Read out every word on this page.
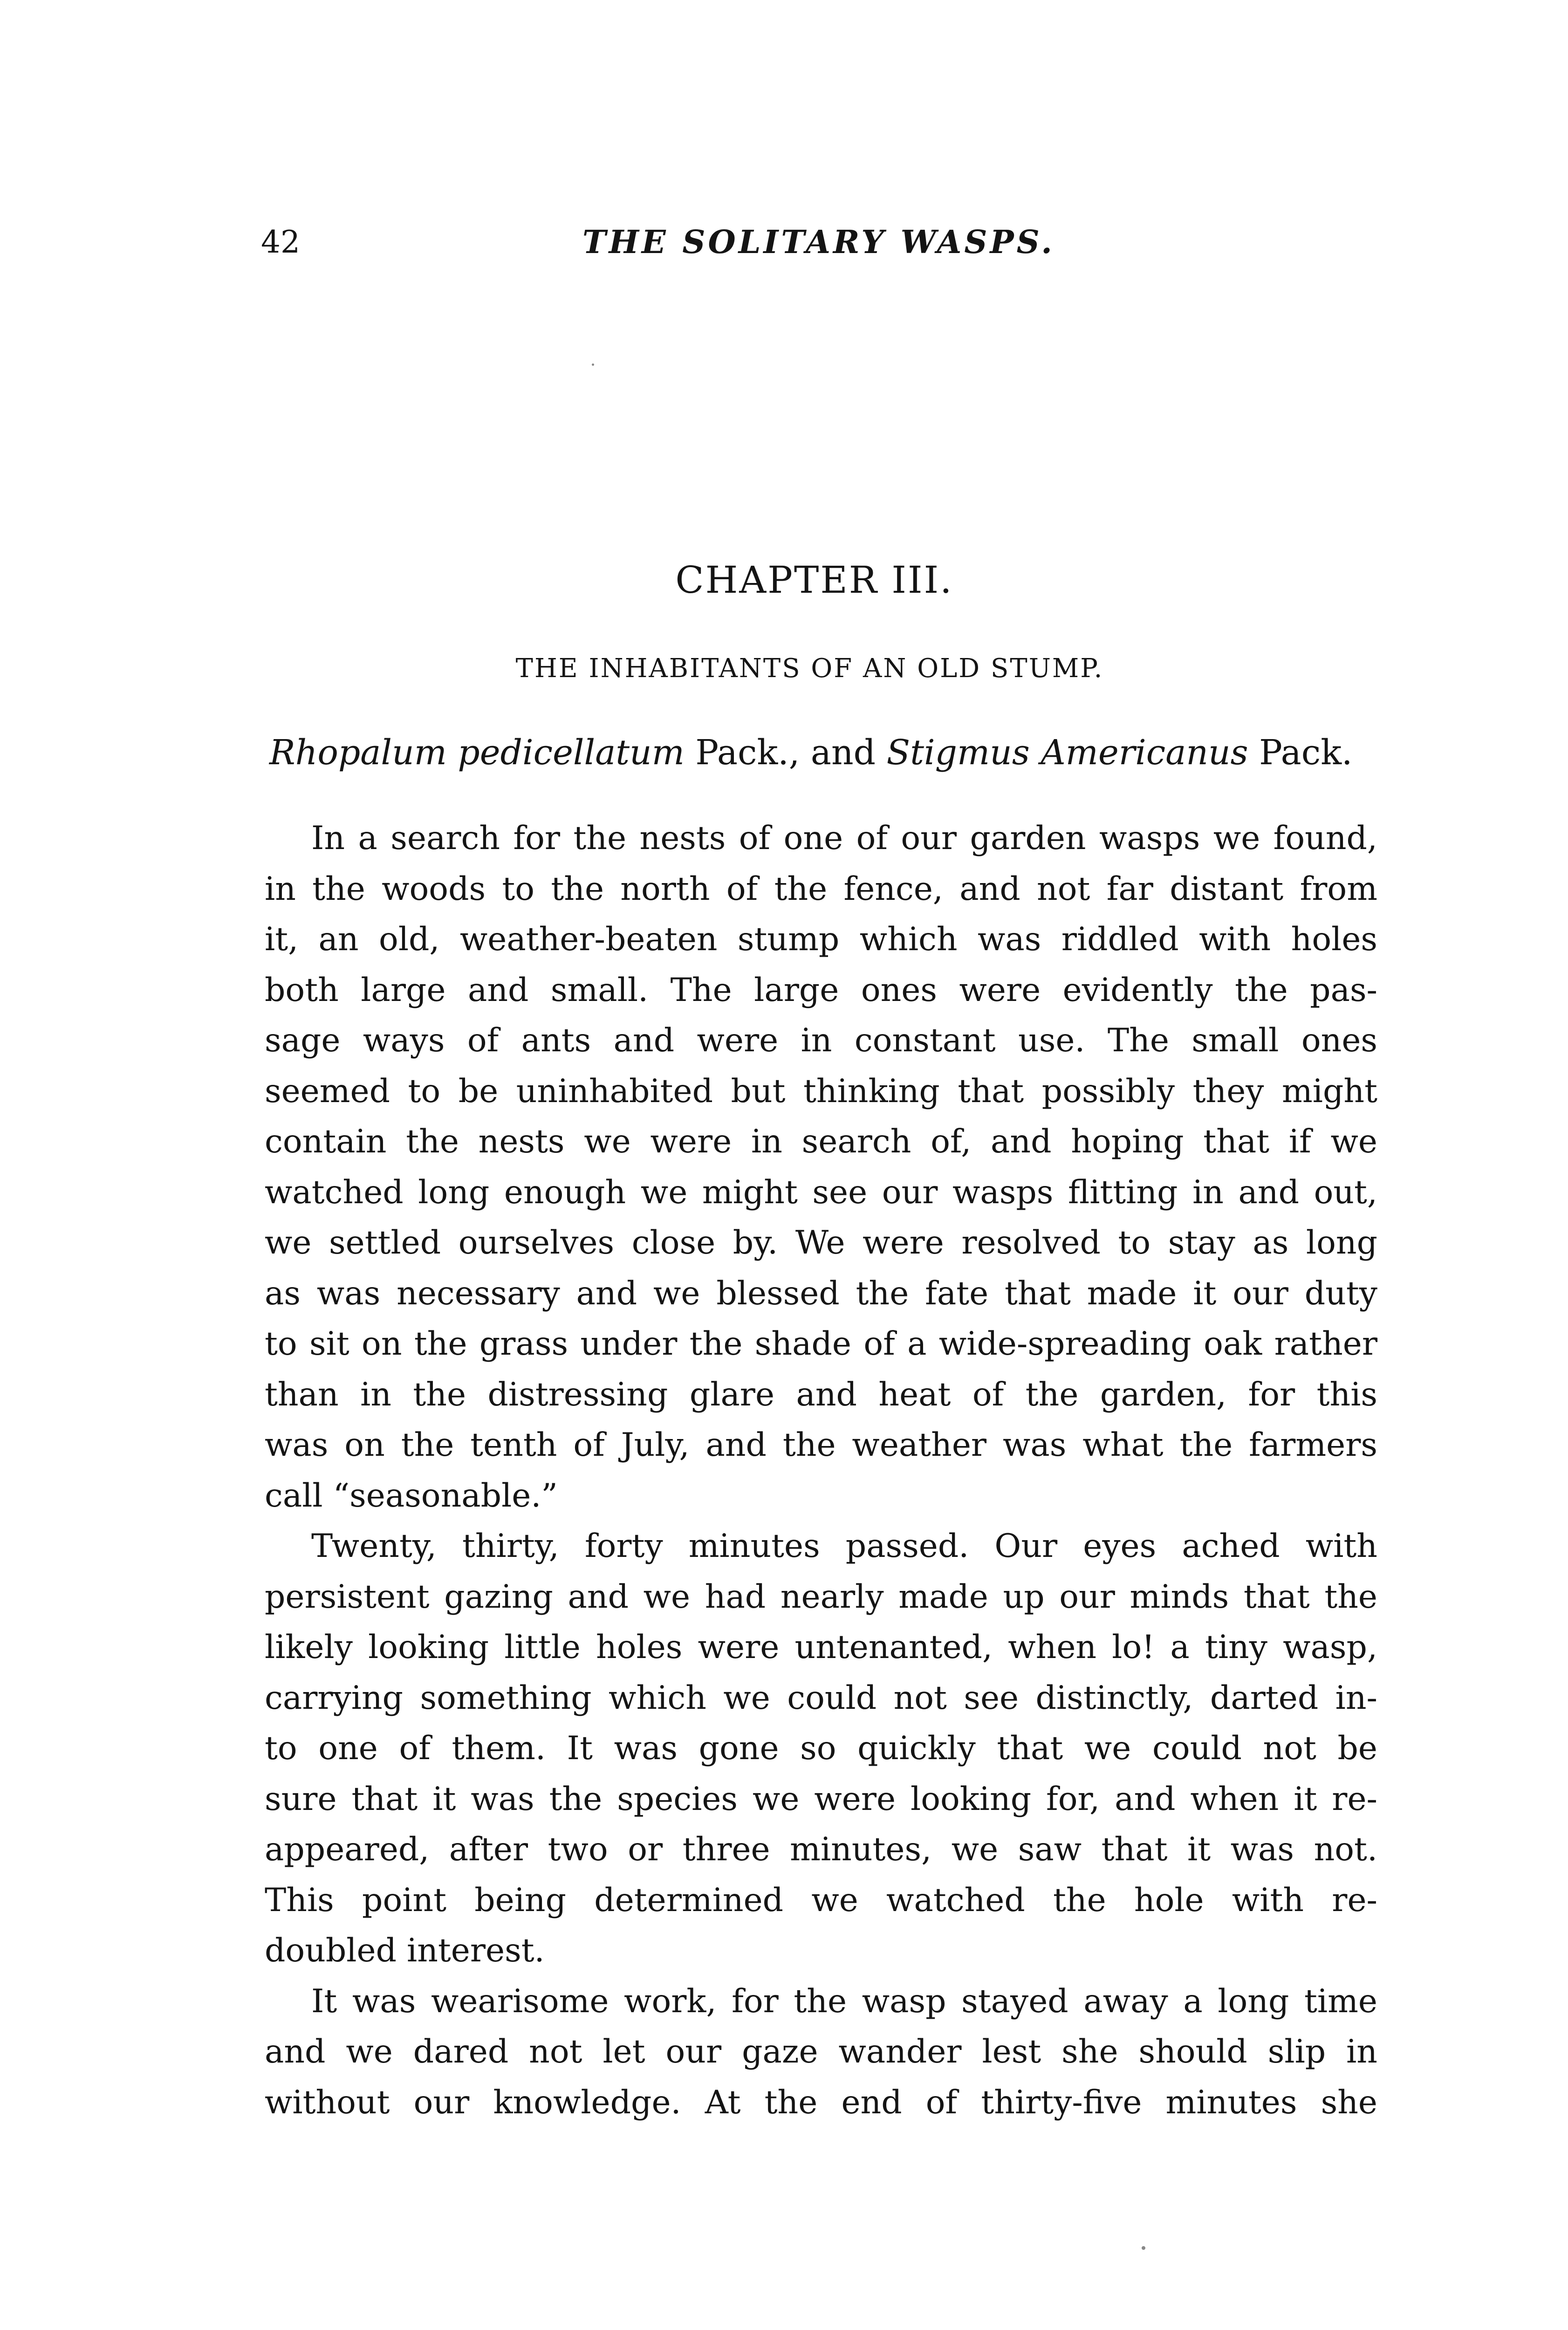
42	THE SOLITARY WASPS.
CHAPTER III.
THE INHABITANTS OF AN OLD STUMP.
Rhopalum pedicellatum Pack., and Stigmus Americanus Pack.

In a search for the nests of one of our garden wasps we found,
in the woods to the north of the fence, and not far distant from
it, an old, weather-beaten stump which was riddled with holes
both large and small. The large ones were evidently the pas-
sage ways of ants and were in constant use. The small ones
seemed to be uninhabited but thinking that possibly they might
contain the nests we were in search of, and hoping that if we
watched long enough we might see our wasps flitting in and out,
we settled ourselves close by. We were resolved to stay as long
as was necessary and we blessed the fate that made it our duty
to sit on the grass under the shade of a wide-spreading oak rather
than in the distressing glare and heat of the garden, for this
was on the tenth of July, and the weather was what the farmers
call “seasonable.”

Twenty, thirty, forty minutes passed. Our eyes ached with
persistent gazing and we had nearly made up our minds that the
likely looking little holes were untenanted, when lo! a tiny wasp,
carrying something which we could not see distinctly, darted in-
to one of them. It was gone so quickly that we could not be
sure that it was the species we were looking for, and when it re-
appeared, after two or three minutes, we saw that it was not.
This point being determined we watched the hole with re-
doubled interest.

It was wearisome work, for the wasp stayed away a long time
and we dared not let our gaze wander lest she should slip in
without our knowledge. At the end of thirty-five minutes she
